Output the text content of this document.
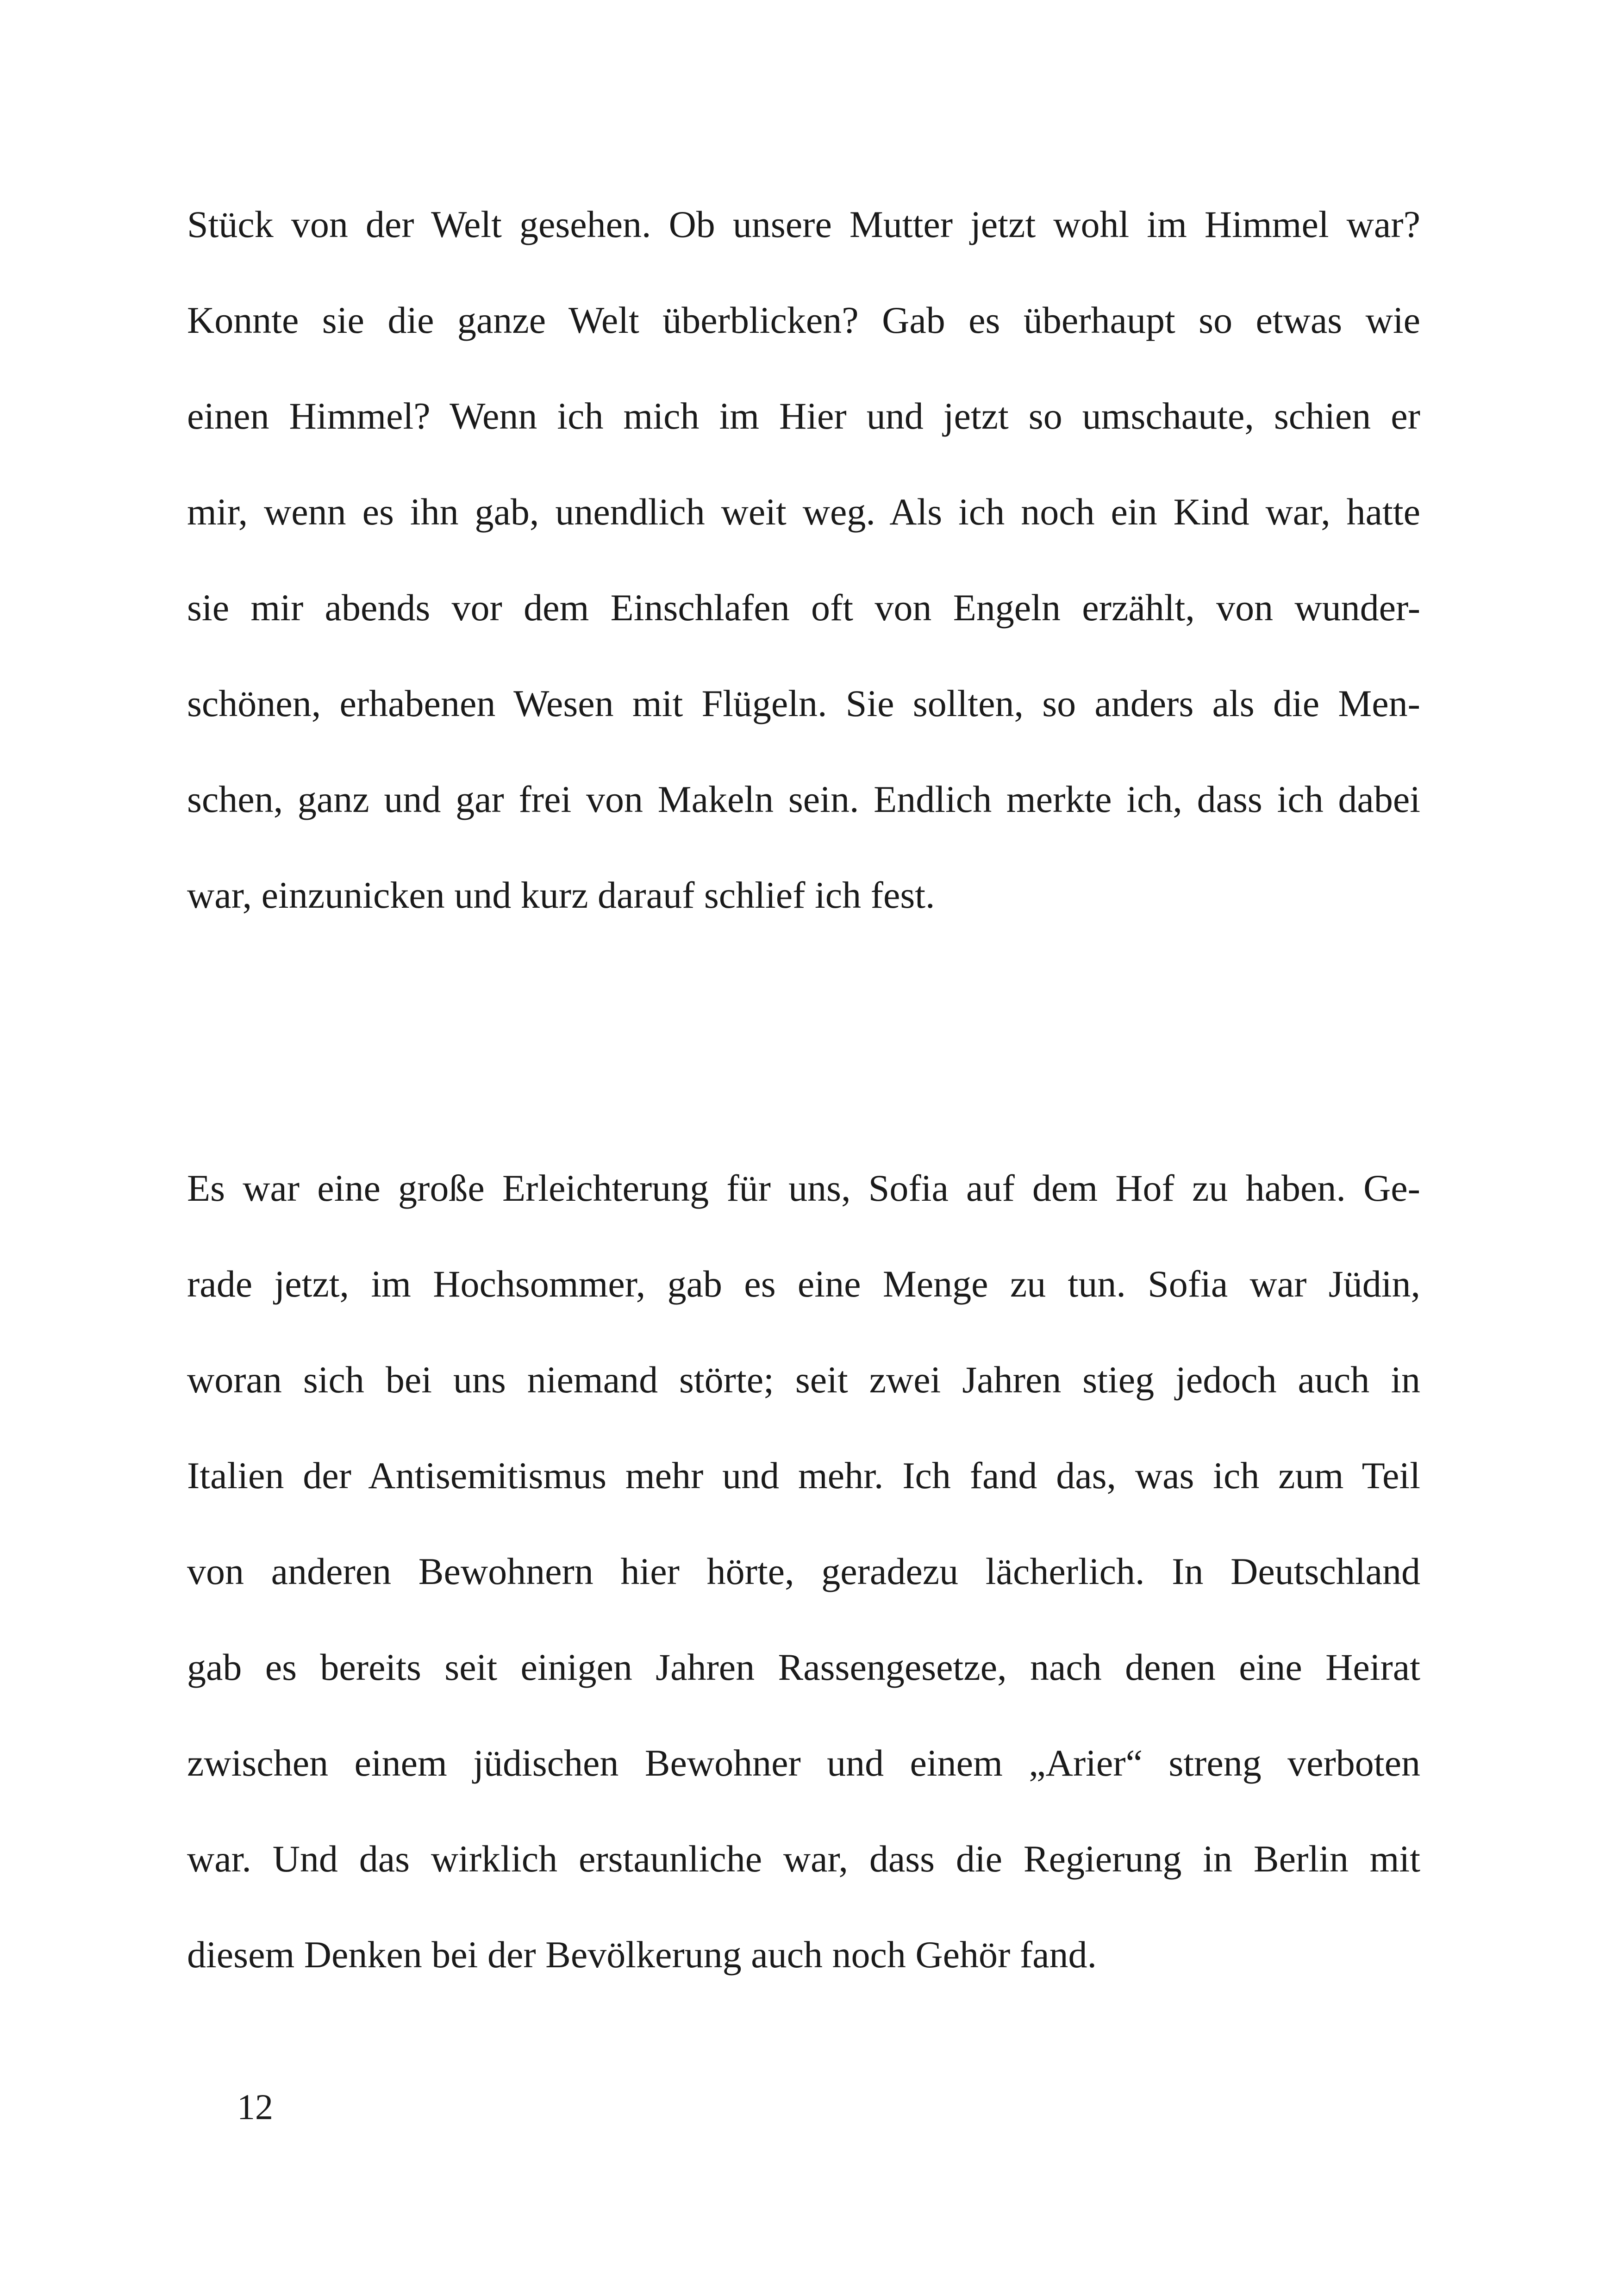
Stück von der Welt gesehen. Ob unsere Mutter jetzt wohl im Himmel war?
Konnte sie die ganze Welt überblicken? Gab es überhaupt so etwas wie
einen Himmel? Wenn ich mich im Hier und jetzt so umschaute, schien er
mir, wenn es ihn gab, unendlich weit weg. Als ich noch ein Kind war, hatte
sie mir abends vor dem Einschlafen oft von Engeln erzählt, von wunder-
schönen, erhabenen Wesen mit Flügeln. Sie sollten, so anders als die Men-
schen, ganz und gar frei von Makeln sein. Endlich merkte ich, dass ich dabei
war, einzunicken und kurz darauf schlief ich fest.
Es war eine große Erleichterung für uns, Sofia auf dem Hof zu haben. Ge-
rade jetzt, im Hochsommer, gab es eine Menge zu tun. Sofia war Jüdin,
woran sich bei uns niemand störte; seit zwei Jahren stieg jedoch auch in
Italien der Antisemitismus mehr und mehr. Ich fand das, was ich zum Teil
von anderen Bewohnern hier hörte, geradezu lächerlich. In Deutschland
gab es bereits seit einigen Jahren Rassengesetze, nach denen eine Heirat
zwischen einem jüdischen Bewohner und einem „Arier“ streng verboten
war. Und das wirklich erstaunliche war, dass die Regierung in Berlin mit
diesem Denken bei der Bevölkerung auch noch Gehör fand.
12
